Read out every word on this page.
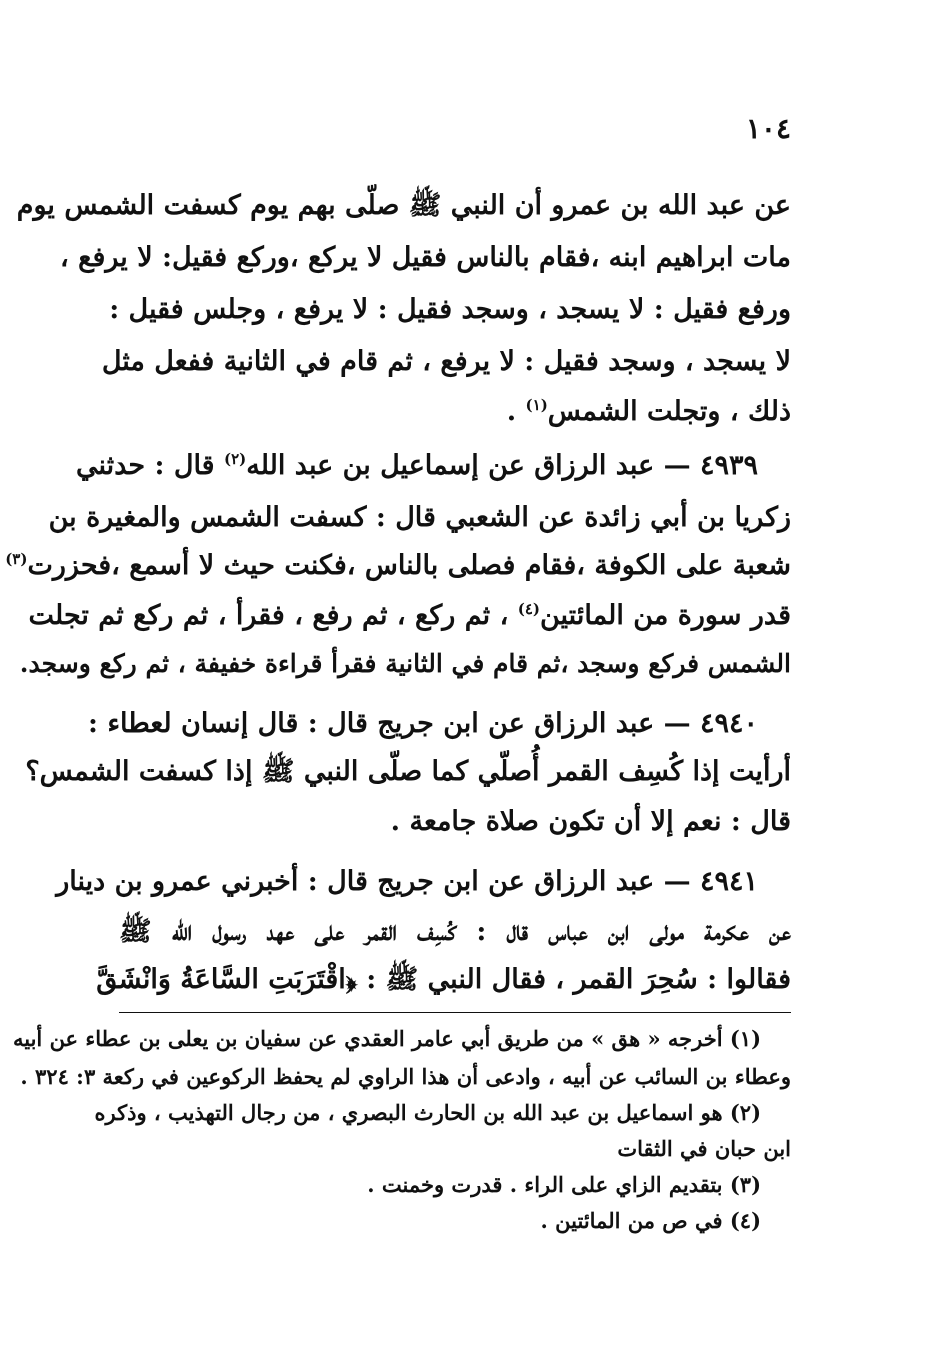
١٠٤
عن عبد الله بن عمرو أن النبي ﷺ صلّى بهم يوم كسفت الشمس يوم
مات ابراهيم ابنه ،فقام بالناس فقيل لا يركع ،وركع فقيل: لا يرفع ،
ورفع فقيل : لا يسجد ، وسجد فقيل : لا يرفع ، وجلس فقيل :
لا يسجد ، وسجد فقيل : لا يرفع ، ثم قام في الثانية ففعل مثل
ذلك ، وتجلت الشمس$^{(١)}$ .
٤٩٣٩ — عبد الرزاق عن إسماعيل بن عبد الله$^{(٢)}$ قال : حدثني
زكريا بن أبي زائدة عن الشعبي قال : كسفت الشمس والمغيرة بن
شعبة على الكوفة ،فقام فصلى بالناس ،فكنت حيث لا أسمع ،فحزرت$^{(٣)}$
قدر سورة من المائتين$^{(٤)}$ ، ثم ركع ، ثم رفع ، فقرأ ، ثم ركع ثم تجلت
الشمس فركع وسجد ،ثم قام في الثانية فقرأ قراءة خفيفة ، ثم ركع وسجد.
٤٩٤٠ — عبد الرزاق عن ابن جريج قال : قال إنسان لعطاء :
أرأيت إذا كُسِف القمر أُصلّي كما صلّى النبي ﷺ إذا كسفت الشمس؟
قال : نعم إلا أن تكون صلاة جامعة .
٤٩٤١ — عبد الرزاق عن ابن جريج قال : أخبرني عمرو بن دينار
عن عكرمة مولى ابن عباس قال : كُسِف القمر على عهد رسول الله ﷺ
فقالوا : سُحِرَ القمر ، فقال النبي ﷺ : ﴿اقْتَرَبَتِ السَّاعَةُ وَانْشَقَّ
(١) أخرجه « هق » من طريق أبي عامر العقدي عن سفيان بن يعلى بن عطاء عن أبيه
وعطاء بن السائب عن أبيه ، وادعى أن هذا الراوي لم يحفظ الركوعين في ركعة ٣: ٣٢٤ .
(٢) هو اسماعيل بن عبد الله بن الحارث البصري ، من رجال التهذيب ، وذكره
ابن حبان في الثقات
(٣) بتقديم الزاي على الراء . قدرت وخمنت .
(٤) في ص من المائتين .
